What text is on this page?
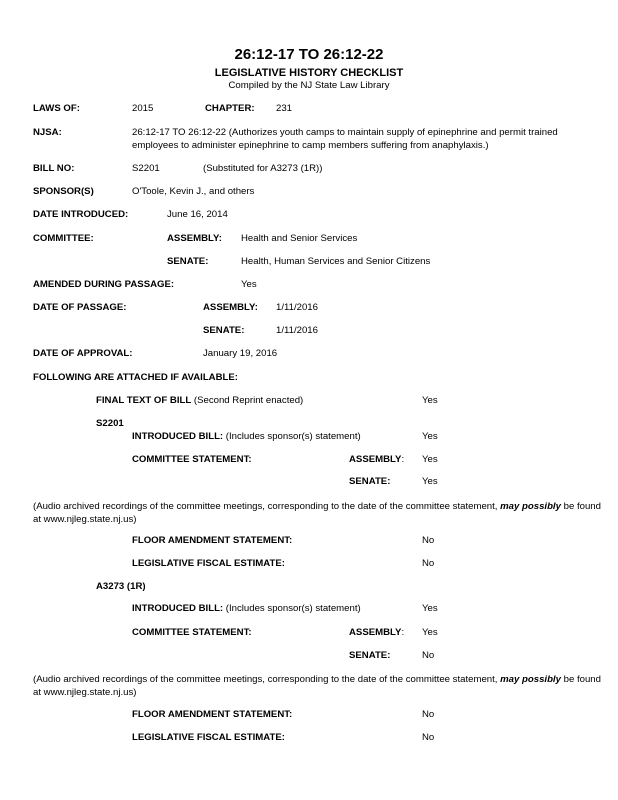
26:12-17 TO 26:12-22
LEGISLATIVE HISTORY CHECKLIST
Compiled by the NJ State Law Library
LAWS OF:	2015	CHAPTER: 231
NJSA:	26:12-17 TO 26:12-22 (Authorizes youth camps to maintain supply of epinephrine and permit trained employees to administer epinephrine to camp members suffering from anaphylaxis.)
BILL NO:	S2201	(Substituted for A3273 (1R))
SPONSOR(S)	O'Toole, Kevin J., and others
DATE INTRODUCED:	June 16, 2014
COMMITTEE:	ASSEMBLY: Health and Senior Services
SENATE:	Health, Human Services and Senior Citizens
AMENDED DURING PASSAGE:	Yes
DATE OF PASSAGE:	ASSEMBLY: 1/11/2016
SENATE:	1/11/2016
DATE OF APPROVAL:	January 19, 2016
FOLLOWING ARE ATTACHED IF AVAILABLE:
FINAL TEXT OF BILL (Second Reprint enacted)	Yes
S2201
INTRODUCED BILL: (Includes sponsor(s) statement)	Yes
COMMITTEE STATEMENT:	ASSEMBLY: Yes
SENATE:	Yes
(Audio archived recordings of the committee meetings, corresponding to the date of the committee statement, may possibly be found at www.njleg.state.nj.us)
FLOOR AMENDMENT STATEMENT:	No
LEGISLATIVE FISCAL ESTIMATE:	No
A3273 (1R)
INTRODUCED BILL: (Includes sponsor(s) statement)	Yes
COMMITTEE STATEMENT:	ASSEMBLY: Yes
SENATE:	No
(Audio archived recordings of the committee meetings, corresponding to the date of the committee statement, may possibly be found at www.njleg.state.nj.us)
FLOOR AMENDMENT STATEMENT:	No
LEGISLATIVE FISCAL ESTIMATE:	No
